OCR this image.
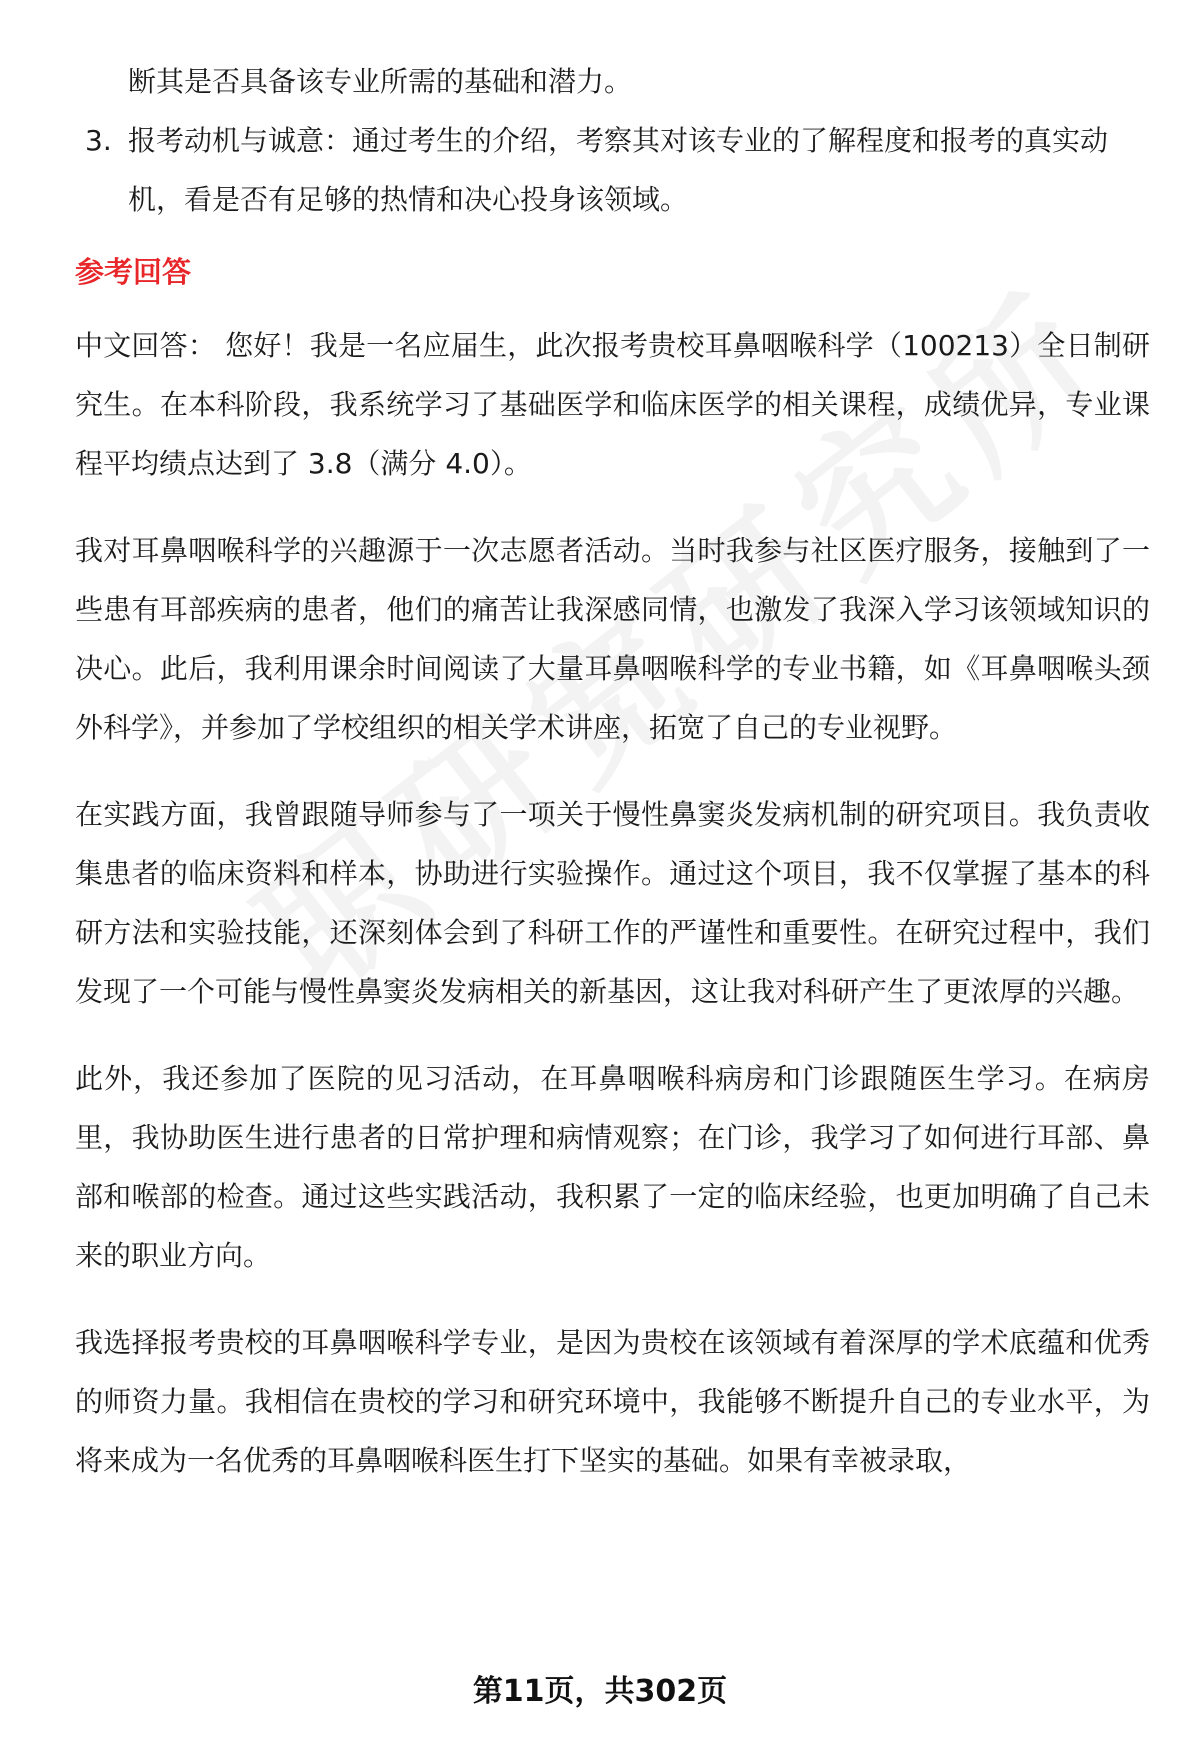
断其是否具备该专业所需的基础和潜力。
3. 报考动机与诚意：通过考生的介绍，考察其对该专业的了解程度和报考的真实动机，看是否有足够的热情和决心投身该领域。
参考回答

中文回答： 您好！我是一名应届生，此次报考贵校耳鼻咽喉科学（100213）全日制研究生。在本科阶段，我系统学习了基础医学和临床医学的相关课程，成绩优异，专业课程平均绩点达到了 3.8（满分 4.0）。

我对耳鼻咽喉科学的兴趣源于一次志愿者活动。当时我参与社区医疗服务，接触到了一些患有耳部疾病的患者，他们的痛苦让我深感同情，也激发了我深入学习该领域知识的决心。此后，我利用课余时间阅读了大量耳鼻咽喉科学的专业书籍，如《耳鼻咽喉头颈外科学》，并参加了学校组织的相关学术讲座，拓宽了自己的专业视野。

在实践方面，我曾跟随导师参与了一项关于慢性鼻窦炎发病机制的研究项目。我负责收集患者的临床资料和样本，协助进行实验操作。通过这个项目，我不仅掌握了基本的科研方法和实验技能，还深刻体会到了科研工作的严谨性和重要性。在研究过程中，我们发现了一个可能与慢性鼻窦炎发病相关的新基因，这让我对科研产生了更浓厚的兴趣。

此外，我还参加了医院的见习活动，在耳鼻咽喉科病房和门诊跟随医生学习。在病房里，我协助医生进行患者的日常护理和病情观察；在门诊，我学习了如何进行耳部、鼻部和喉部的检查。通过这些实践活动，我积累了一定的临床经验，也更加明确了自己未来的职业方向。

我选择报考贵校的耳鼻咽喉科学专业，是因为贵校在该领域有着深厚的学术底蕴和优秀的师资力量。我相信在贵校的学习和研究环境中，我能够不断提升自己的专业水平，为将来成为一名优秀的耳鼻咽喉科医生打下坚实的基础。如果有幸被录取，

第11页，共302页
